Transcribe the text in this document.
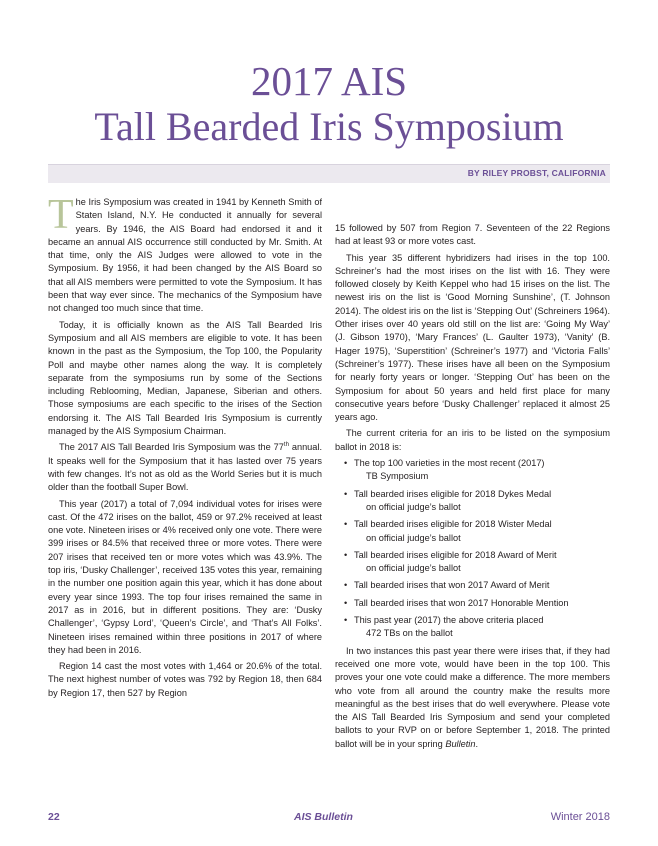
2017 AIS
Tall Bearded Iris Symposium
BY RILEY PROBST, CALIFORNIA

The Iris Symposium was created in 1941 by Kenneth Smith of Staten Island, N.Y. He conducted it annually for several years. By 1946, the AIS Board had endorsed it and it became an annual AIS occurrence still conducted by Mr. Smith. At that time, only the AIS Judges were allowed to vote in the Symposium. By 1956, it had been changed by the AIS Board so that all AIS members were permitted to vote the Symposium. It has been that way ever since. The mechanics of the Symposium have not changed too much since that time.

Today, it is officially known as the AIS Tall Bearded Iris Symposium and all AIS members are eligible to vote. It has been known in the past as the Symposium, the Top 100, the Popularity Poll and maybe other names along the way. It is completely separate from the symposiums run by some of the Sections including Reblooming, Median, Japanese, Siberian and others. Those symposiums are each specific to the irises of the Section endorsing it. The AIS Tall Bearded Iris Symposium is currently managed by the AIS Symposium Chairman.

The 2017 AIS Tall Bearded Iris Symposium was the 77th annual. It speaks well for the Symposium that it has lasted over 75 years with few changes. It’s not as old as the World Series but it is much older than the football Super Bowl.

This year (2017) a total of 7,094 individual votes for irises were cast. Of the 472 irises on the ballot, 459 or 97.2% received at least one vote. Nineteen irises or 4% received only one vote. There were 399 irises or 84.5% that received three or more votes. There were 207 irises that received ten or more votes which was 43.9%. The top iris, ‘Dusky Challenger’, received 135 votes this year, remaining in the number one position again this year, which it has done about every year since 1993. The top four irises remained the same in 2017 as in 2016, but in different positions. They are: ‘Dusky Challenger’, ‘Gypsy Lord’, ‘Queen’s Circle’, and ‘That’s All Folks’. Nineteen irises remained within three positions in 2017 of where they had been in 2016.

Region 14 cast the most votes with 1,464 or 20.6% of the total. The next highest number of votes was 792 by Region 18, then 684 by Region 17, then 527 by Region

15 followed by 507 from Region 7. Seventeen of the 22 Regions had at least 93 or more votes cast.

This year 35 different hybridizers had irises in the top 100. Schreiner’s had the most irises on the list with 16. They were followed closely by Keith Keppel who had 15 irises on the list. The newest iris on the list is ‘Good Morning Sunshine’, (T. Johnson 2014). The oldest iris on the list is ‘Stepping Out’ (Schreiners 1964). Other irises over 40 years old still on the list are: ‘Going My Way’ (J. Gibson 1970), ‘Mary Frances’ (L. Gaulter 1973), ‘Vanity’ (B. Hager 1975), ‘Superstition’ (Schreiner’s 1977) and ‘Victoria Falls’ (Schreiner’s 1977). These irises have all been on the Symposium for nearly forty years or longer. ‘Stepping Out’ has been on the Symposium for about 50 years and held first place for many consecutive years before ‘Dusky Challenger’ replaced it almost 25 years ago.

The current criteria for an iris to be listed on the symposium ballot in 2018 is:

• The top 100 varieties in the most recent (2017)
TB Symposium
• Tall bearded irises eligible for 2018 Dykes Medal
on official judge’s ballot
• Tall bearded irises eligible for 2018 Wister Medal
on official judge’s ballot
• Tall bearded irises eligible for 2018 Award of Merit
on official judge’s ballot
• Tall bearded irises that won 2017 Award of Merit
• Tall bearded irises that won 2017 Honorable Mention
• This past year (2017) the above criteria placed
472 TBs on the ballot

In two instances this past year there were irises that, if they had received one more vote, would have been in the top 100. This proves your one vote could make a difference. The more members who vote from all around the country make the results more meaningful as the best irises that do well everywhere. Please vote the AIS Tall Bearded Iris Symposium and send your completed ballots to your RVP on or before September 1, 2018. The printed ballot will be in your spring Bulletin.

22	AIS Bulletin	Winter 2018
